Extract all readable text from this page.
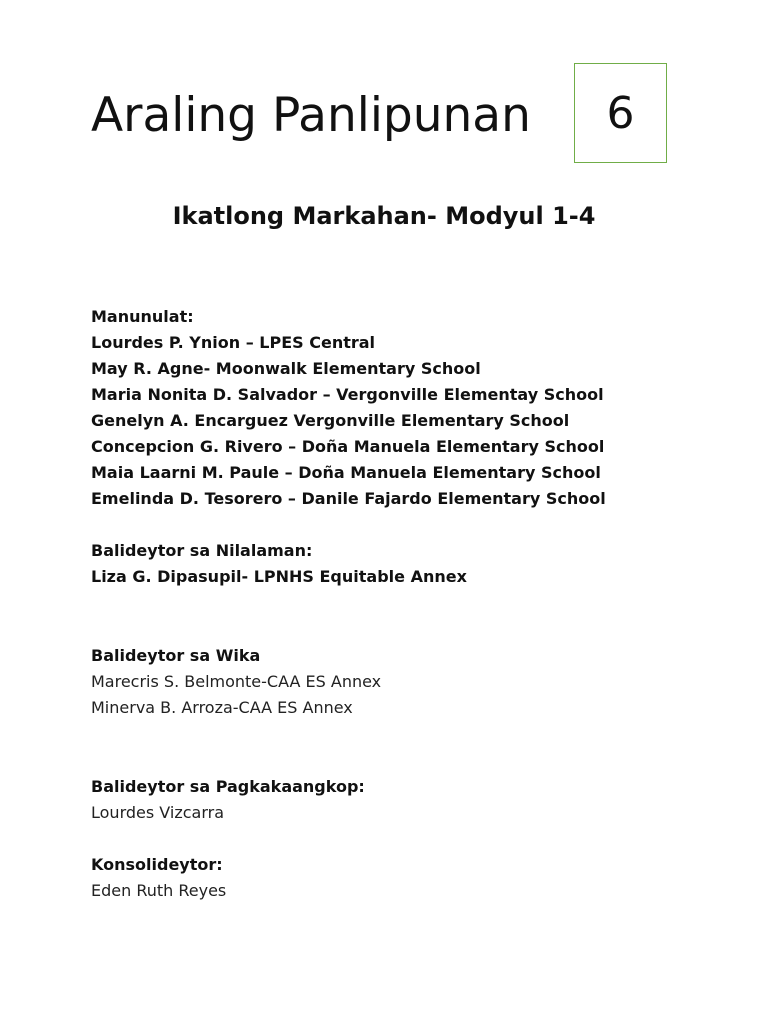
Araling Panlipunan 6
Ikatlong Markahan- Modyul 1-4
Manunulat:
Lourdes P. Ynion – LPES Central
May R. Agne- Moonwalk Elementary School
Maria Nonita D. Salvador – Vergonville Elementay School
Genelyn A. Encarguez Vergonville Elementary School
Concepcion G. Rivero – Doña Manuela Elementary School
Maia Laarni M. Paule – Doña Manuela Elementary School
Emelinda D. Tesorero – Danile Fajardo Elementary School
Balideytor sa Nilalaman:
Liza G. Dipasupil- LPNHS Equitable Annex
Balideytor sa Wika
Marecris S. Belmonte-CAA ES Annex
Minerva B. Arroza-CAA ES Annex
Balideytor sa Pagkakaangkop:
Lourdes Vizcarra
Konsolideytor:
Eden Ruth Reyes
